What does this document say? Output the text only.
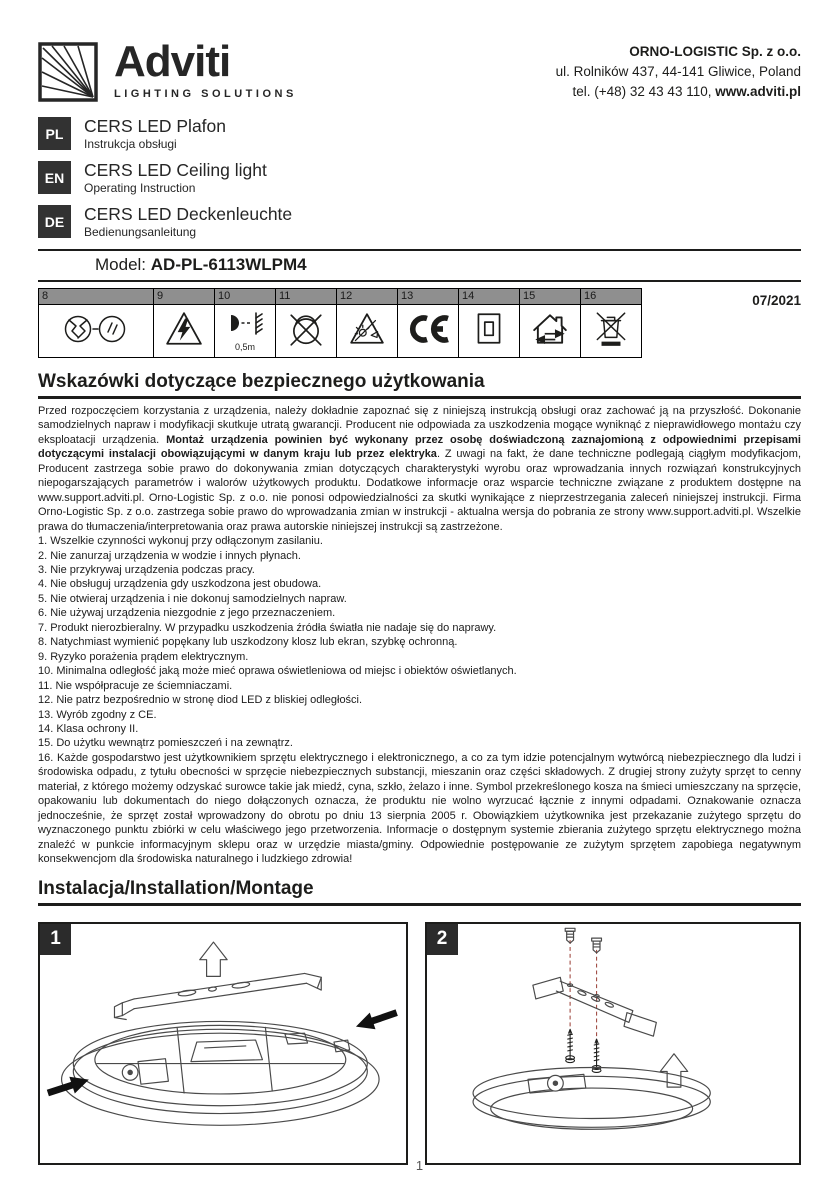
Adviti
LIGHTING SOLUTIONS
ORNO-LOGISTIC Sp. z o.o.
ul. Rolników 437, 44-141 Gliwice, Poland
tel. (+48) 32 43 43 110, www.adviti.pl
PL	CERS LED Plafon
Instrukcja obsługi
EN	CERS LED Ceiling light
Operating Instruction
DE	CERS LED Deckenleuchte
Bedienungsanleitung
Model: AD-PL-6113WLPM4
8	9	10	11	12	13	14	15	16

0,5m

07/2021
Wskazówki dotyczące bezpiecznego użytkowania
Przed rozpoczęciem korzystania z urządzenia, należy dokładnie zapoznać się z niniejszą instrukcją obsługi oraz zachować ją na przyszłość. Dokonanie samodzielnych napraw i modyfikacji skutkuje utratą gwarancji. Producent nie odpowiada za uszkodzenia mogące wyniknąć z nieprawidłowego montażu czy eksploatacji urządzenia. Montaż urządzenia powinien być wykonany przez osobę doświadczoną zaznajomioną z odpowiednimi przepisami dotyczącymi instalacji obowiązującymi w danym kraju lub przez elektryka. Z uwagi na fakt, że dane techniczne podlegają ciągłym modyfikacjom, Producent zastrzega sobie prawo do dokonywania zmian dotyczących charakterystyki wyrobu oraz wprowadzania innych rozwiązań konstrukcyjnych niepogarszających parametrów i walorów użytkowych produktu. Dodatkowe informacje oraz wsparcie techniczne związane z produktem dostępne na www.support.adviti.pl. Orno-Logistic Sp. z o.o. nie ponosi odpowiedzialności za skutki wynikające z nieprzestrzegania zaleceń niniejszej instrukcji. Firma Orno-Logistic Sp. z o.o. zastrzega sobie prawo do wprowadzania zmian w instrukcji - aktualna wersja do pobrania ze strony www.support.adviti.pl. Wszelkie prawa do tłumaczenia/interpretowania oraz prawa autorskie niniejszej instrukcji są zastrzeżone.
1. Wszelkie czynności wykonuj przy odłączonym zasilaniu.
2. Nie zanurzaj urządzenia w wodzie i innych płynach.
3. Nie przykrywaj urządzenia podczas pracy.
4. Nie obsługuj urządzenia gdy uszkodzona jest obudowa.
5. Nie otwieraj urządzenia i nie dokonuj samodzielnych napraw.
6. Nie używaj urządzenia niezgodnie z jego przeznaczeniem.
7. Produkt nierozbieralny. W przypadku uszkodzenia źródła światła nie nadaje się do naprawy.
8. Natychmiast wymienić popękany lub uszkodzony klosz lub ekran, szybkę ochronną.
9. Ryzyko porażenia prądem elektrycznym.
10. Minimalna odległość jaką może mieć oprawa oświetleniowa od miejsc i obiektów oświetlanych.
11. Nie współpracuje ze ściemniaczami.
12. Nie patrz bezpośrednio w stronę diod LED z bliskiej odległości.
13. Wyrób zgodny z CE.
14. Klasa ochrony II.
15. Do użytku wewnątrz pomieszczeń i na zewnątrz.
16. Każde gospodarstwo jest użytkownikiem sprzętu elektrycznego i elektronicznego, a co za tym idzie potencjalnym wytwórcą niebezpiecznego dla ludzi i środowiska odpadu, z tytułu obecności w sprzęcie niebezpiecznych substancji, mieszanin oraz części składowych. Z drugiej strony zużyty sprzęt to cenny materiał, z którego możemy odzyskać surowce takie jak miedź, cyna, szkło, żelazo i inne. Symbol przekreślonego kosza na śmieci umieszczany na sprzęcie, opakowaniu lub dokumentach do niego dołączonych oznacza, że produktu nie wolno wyrzucać łącznie z innymi odpadami. Oznakowanie oznacza jednocześnie, że sprzęt został wprowadzony do obrotu po dniu 13 sierpnia 2005 r. Obowiązkiem użytkownika jest przekazanie zużytego sprzętu do wyznaczonego punktu zbiórki w celu właściwego jego przetworzenia. Informacje o dostępnym systemie zbierania zużytego sprzętu elektrycznego można znaleźć w punkcie informacyjnym sklepu oraz w urzędzie miasta/gminy. Odpowiednie postępowanie ze zużytym sprzętem zapobiega negatywnym konsekwencjom dla środowiska naturalnego i ludzkiego zdrowia!
Instalacja/Installation/Montage
1	2
1
